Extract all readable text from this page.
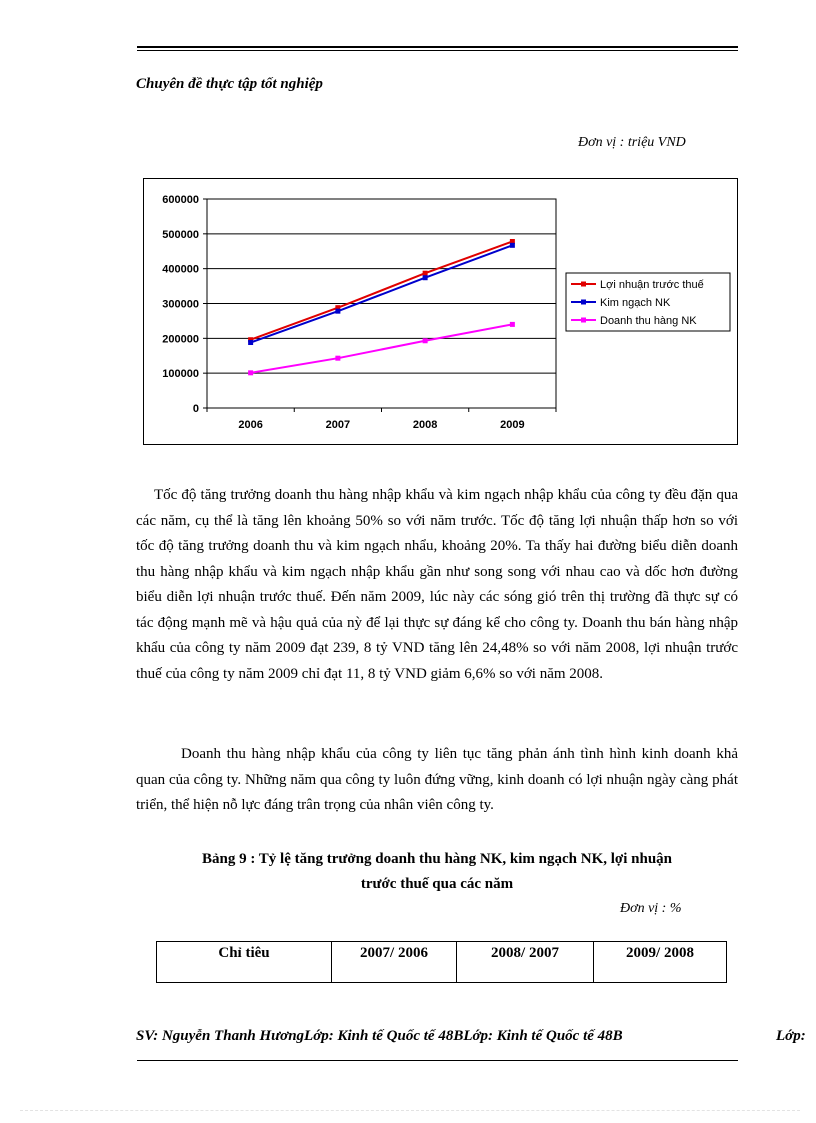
Chuyên đề thực tập tốt nghiệp
Đơn vị : triệu VND
0
100000
200000
300000
400000
500000
600000
2006	2007	2008	2009
Lợi nhuận trước thuế
Kim ngạch NK
Doanh thu hàng NK
Tốc độ tăng trưởng doanh thu hàng nhập khẩu và kim ngạch nhập khẩu của công ty đều đặn qua các năm, cụ thể là tăng lên khoảng 50% so với năm trước. Tốc độ tăng lợi nhuận thấp hơn so với tốc độ tăng trưởng doanh thu và kim ngạch nhẩu, khoảng 20%. Ta thấy hai đường biểu diễn doanh thu hàng nhập khẩu và kim ngạch nhập khẩu gần như song song với nhau cao và dốc hơn đường biểu diễn lợi nhuận trước thuế. Đến năm 2009, lúc này các sóng gió trên thị trường đã thực sự có tác động mạnh mẽ và hậu quả của nỳ để lại thực sự đáng kể cho công ty. Doanh thu bán hàng nhập khẩu của công ty năm 2009 đạt 239, 8 tỷ VND tăng lên 24,48% so với năm 2008, lợi nhuận trước thuế của công ty năm 2009 chỉ đạt 11, 8 tỷ VND giảm 6,6% so với năm 2008.
Doanh thu hàng nhập khẩu của công ty liên tục tăng phản ánh tình hình kinh doanh khả quan của công ty. Những năm qua công ty luôn đứng vững, kinh doanh có lợi nhuận ngày càng phát triển, thể hiện nỗ lực đáng trân trọng của nhân viên công ty.
Bảng 9 : Tỷ lệ tăng trưởng doanh thu hàng NK, kim ngạch NK, lợi nhuận
trước thuế qua các năm
Đơn vị : %
Chỉ tiêu	2007/ 2006	2008/ 2007	2009/ 2008
SV: Nguyễn Thanh HươngLớp: Kinh tế Quốc tế 48BLớp: Kinh tế Quốc tế 48B	Lớp:
